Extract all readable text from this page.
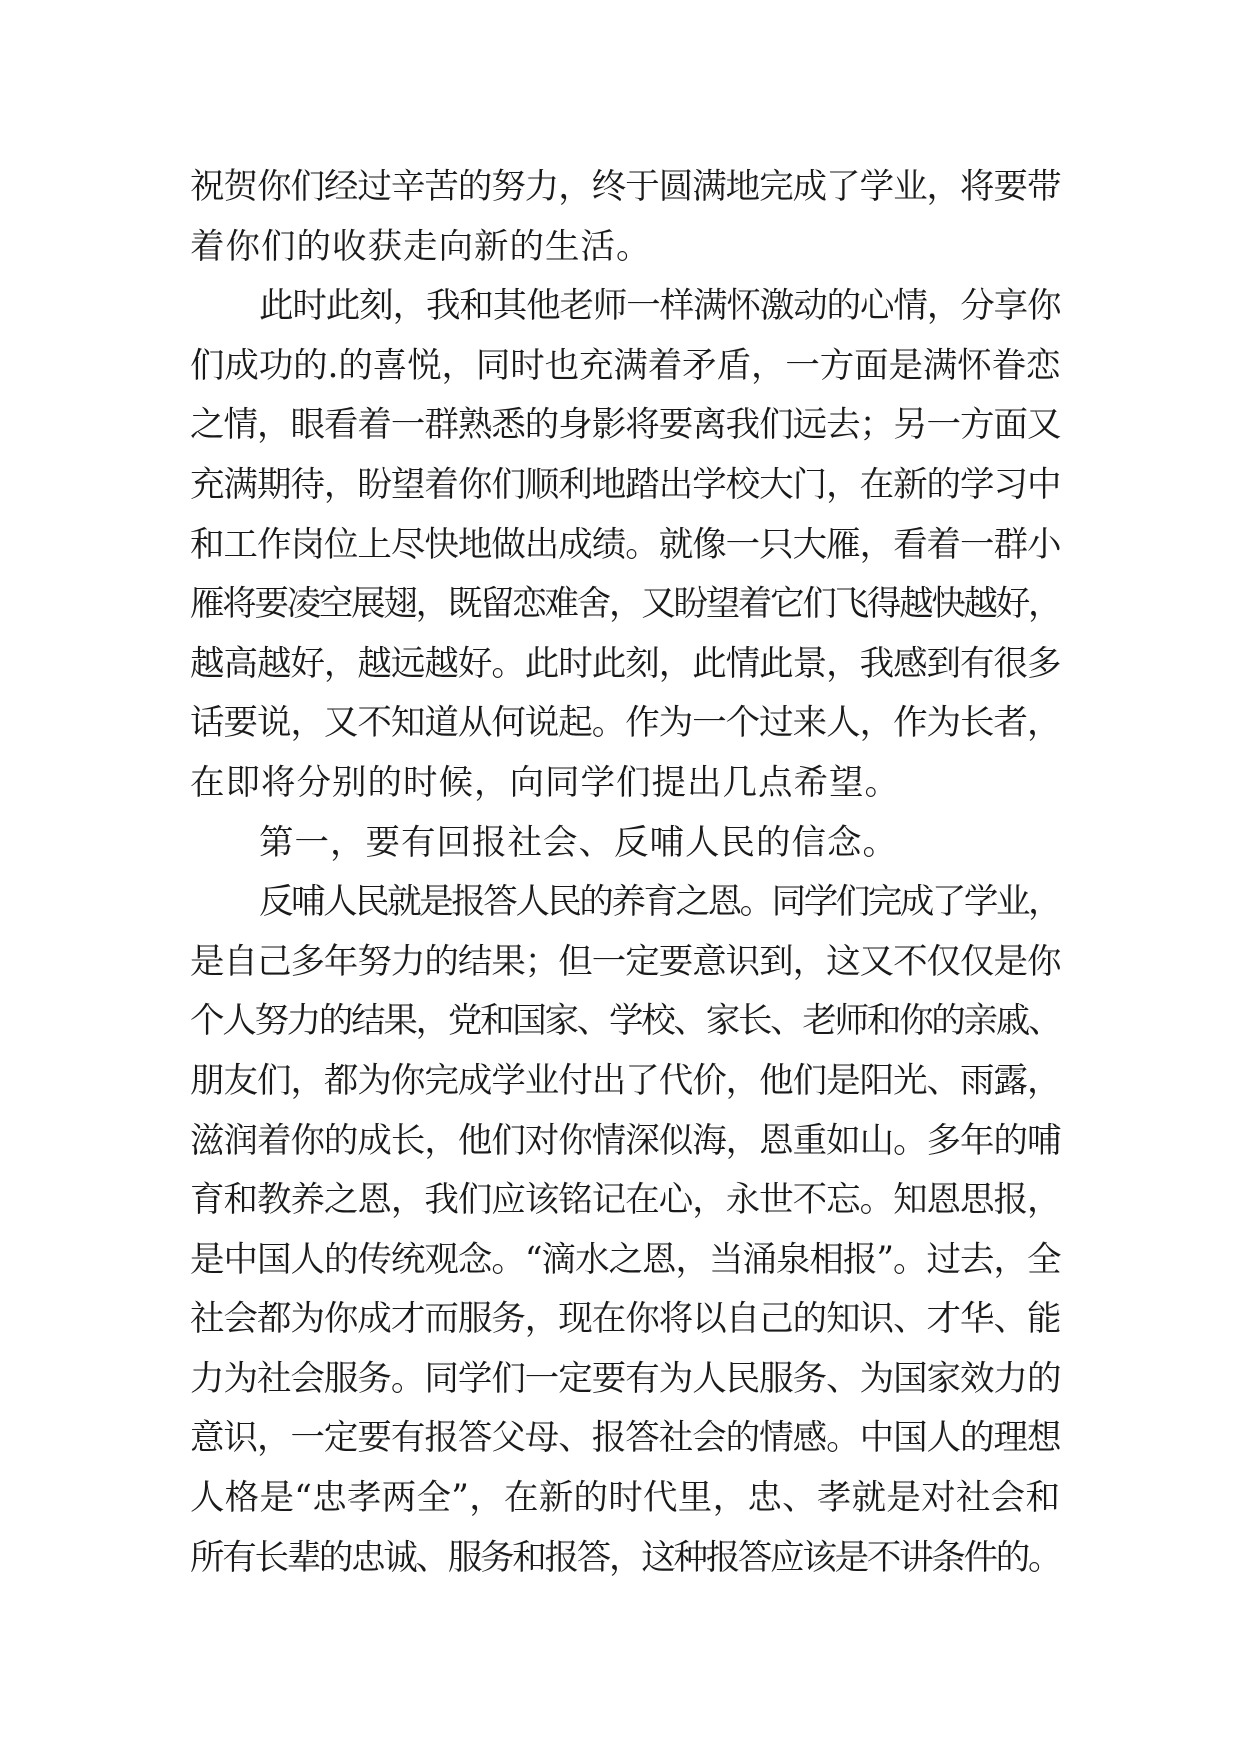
祝贺你们经过辛苦的努力，终于圆满地完成了学业，将要带
着你们的收获走向新的生活。
此时此刻，我和其他老师一样满怀激动的心情，分享你
们成功的.的喜悦，同时也充满着矛盾，一方面是满怀眷恋
之情，眼看着一群熟悉的身影将要离我们远去；另一方面又
充满期待，盼望着你们顺利地踏出学校大门，在新的学习中
和工作岗位上尽快地做出成绩。就像一只大雁，看着一群小
雁将要凌空展翅，既留恋难舍，又盼望着它们飞得越快越好，
越高越好，越远越好。此时此刻，此情此景，我感到有很多
话要说，又不知道从何说起。作为一个过来人，作为长者，
在即将分别的时候，向同学们提出几点希望。
第一，要有回报社会、反哺人民的信念。
反哺人民就是报答人民的养育之恩。同学们完成了学业，
是自己多年努力的结果；但一定要意识到，这又不仅仅是你
个人努力的结果，党和国家、学校、家长、老师和你的亲戚、
朋友们，都为你完成学业付出了代价，他们是阳光、雨露，
滋润着你的成长，他们对你情深似海，恩重如山。多年的哺
育和教养之恩，我们应该铭记在心，永世不忘。知恩思报，
是中国人的传统观念。“滴水之恩，当涌泉相报”。过去，全
社会都为你成才而服务，现在你将以自己的知识、才华、能
力为社会服务。同学们一定要有为人民服务、为国家效力的
意识，一定要有报答父母、报答社会的情感。中国人的理想
人格是“忠孝两全”，在新的时代里，忠、孝就是对社会和
所有长辈的忠诚、服务和报答，这种报答应该是不讲条件的。
